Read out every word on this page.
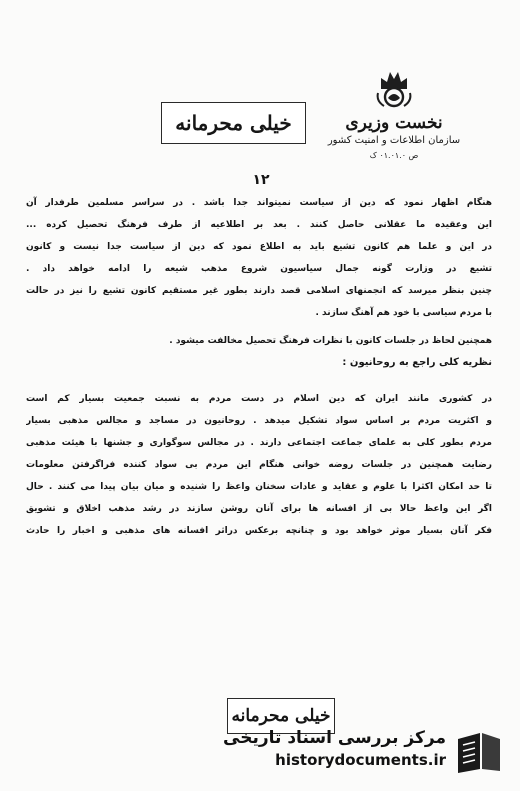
نخست وزیری
سازمان اطلاعات و امنیت کشور
ص ۰۱.۰۱.۰ ک
خیلی محرمانه
۱۲
هنگام اظهار نمود که دین از سیاست نمیتواند جدا باشد . در سراسر مسلمین طرفدار آن
این وعقیده ما عقلانی حاصل کنند . بعد بر اطلاعیه از طرف فرهنگ تحصیل کرده ...
در این و علما هم کانون تشیع باید به اطلاع نمود که دین از سیاست جدا نیست و کانون
تشیع در وزارت گونه جمال سیاسیون شروع مذهب شیعه را ادامه خواهد داد .
چنین بنظر میرسد که انجمنهای اسلامی قصد دارند بطور غیر مستقیم کانون تشیع را نیز در حالت
با مردم سیاسی با خود هم آهنگ سازند .
همچنین لحاظ در جلسات کانون با نظرات فرهنگ تحصیل مخالفت میشود .
نظریه کلی راجع به روحانیون :
در کشوری مانند ایران که دین اسلام در دست مردم به نسبت جمعیت بسیار کم است
و اکثریت مردم بر اساس سواد تشکیل میدهد . روحانیون در مساجد و مجالس مذهبی بسیار
مردم بطور کلی به علمای جماعت اجتماعی دارند . در مجالس سوگواری و جشنها با هیئت مذهبی
رضایت همچنین در جلسات روضه خوانی هنگام این مردم بی سواد کننده فراگرفتن معلومات
تا حد امکان اکثرا با علوم و عقاید و عادات سخنان واعظ را شنیده و میان بیان پیدا می کنند . حال
اگر این واعظ حالا بی از افسانه ها برای آنان روشن سازند در رشد مذهب اخلاق و تشویق
فکر آنان بسیار موثر خواهد بود و چنانچه برعکس دراثر افسانه های مذهبی و اخبار را حادث
خیلی محرمانه
مرکز بررسی اسناد تاریخی
historydocuments.ir
